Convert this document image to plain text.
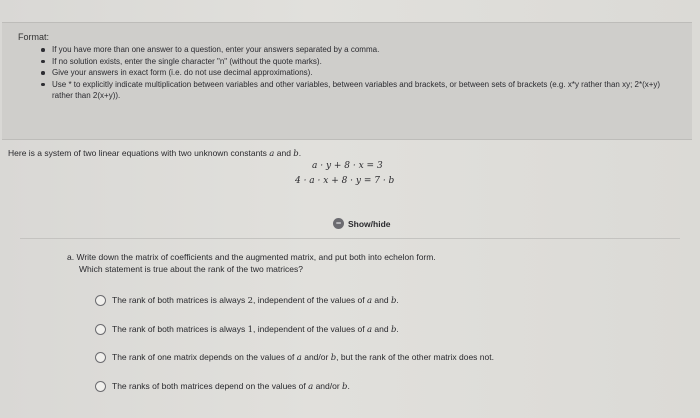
Format:
If you have more than one answer to a question, enter your answers separated by a comma.
If no solution exists, enter the single character "n" (without the quote marks).
Give your answers in exact form (i.e. do not use decimal approximations).
Use * to explicitly indicate multiplication between variables and other variables, between variables and brackets, or between sets of brackets (e.g. x*y rather than xy; 2*(x+y) rather than 2(x+y)).
Here is a system of two linear equations with two unknown constants a and b.
a · y + 8 · x = 3
4 · a · x + 8 · y = 7 · b
− Show/hide
a. Write down the matrix of coefficients and the augmented matrix, and put both into echelon form.
Which statement is true about the rank of the two matrices?
The rank of both matrices is always 2, independent of the values of a and b.
The rank of both matrices is always 1, independent of the values of a and b.
The rank of one matrix depends on the values of a and/or b, but the rank of the other matrix does not.
The ranks of both matrices depend on the values of a and/or b.
